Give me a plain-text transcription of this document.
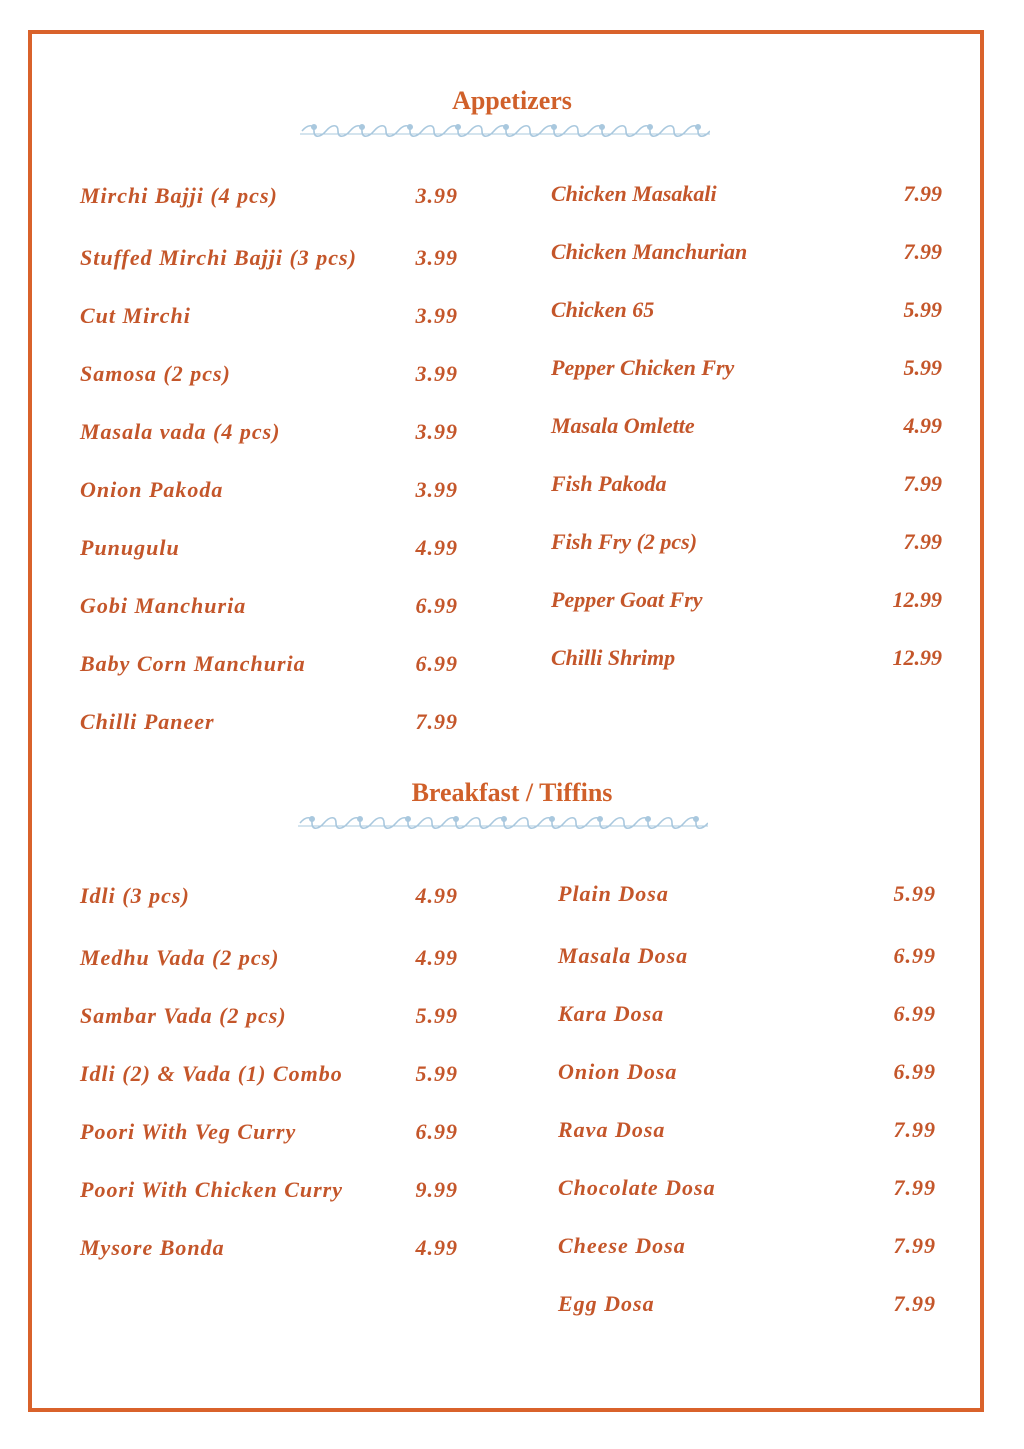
Appetizers
Mirchi Bajji (4 pcs)	3.99
Stuffed Mirchi Bajji (3 pcs)	3.99
Cut Mirchi	3.99
Samosa (2 pcs)	3.99
Masala vada (4 pcs)	3.99
Onion Pakoda	3.99
Punugulu	4.99
Gobi Manchuria	6.99
Baby Corn Manchuria	6.99
Chilli Paneer	7.99
Chicken Masakali	7.99
Chicken Manchurian	7.99
Chicken 65	5.99
Pepper Chicken Fry	5.99
Masala Omlette	4.99
Fish Pakoda	7.99
Fish Fry (2 pcs)	7.99
Pepper Goat Fry	12.99
Chilli Shrimp	12.99
Breakfast / Tiffins
Idli (3 pcs)	4.99
Medhu Vada (2 pcs)	4.99
Sambar Vada (2 pcs)	5.99
Idli (2) & Vada (1) Combo	5.99
Poori With Veg Curry	6.99
Poori With Chicken Curry	9.99
Mysore Bonda	4.99
Plain Dosa	5.99
Masala Dosa	6.99
Kara Dosa	6.99
Onion Dosa	6.99
Rava Dosa	7.99
Chocolate Dosa	7.99
Cheese Dosa	7.99
Egg Dosa	7.99
